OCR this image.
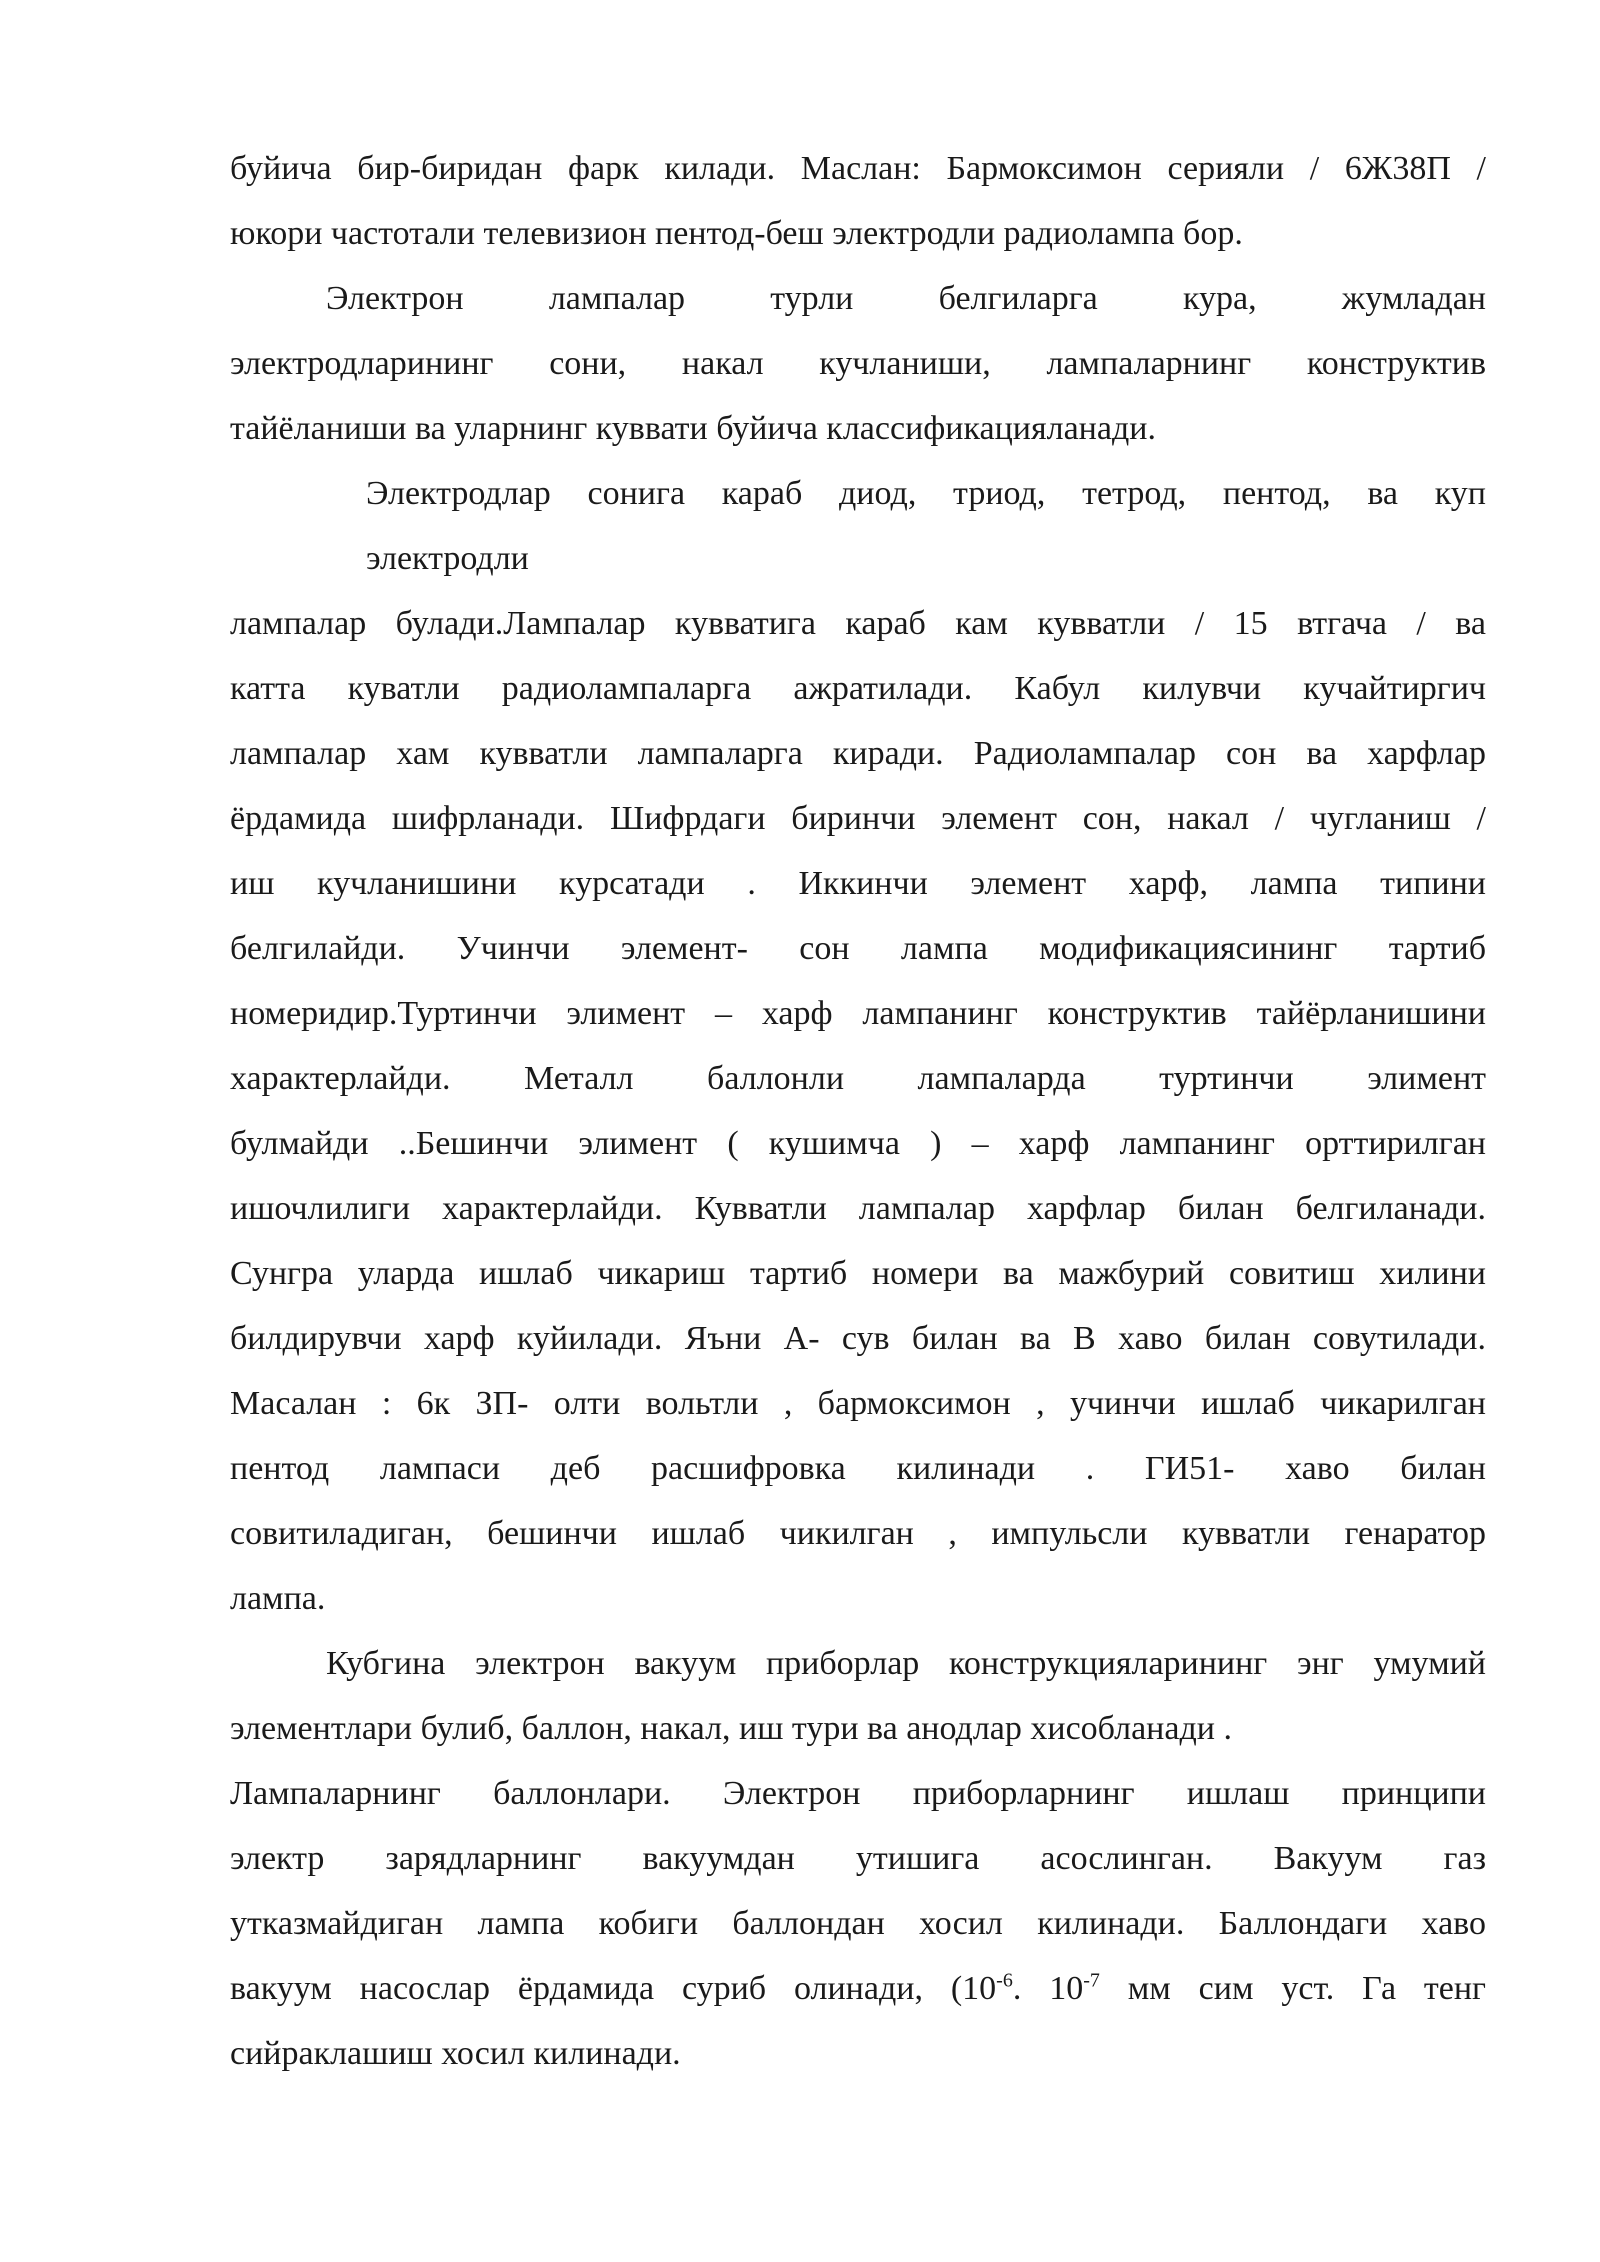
буйича бир-биридан фарк килади. Маслан: Бармоксимон серияли / 6Ж38П /
юкори частотали телевизион пентод-беш электродли радиолампа бор.
Электрон лампалар турли белгиларга кура, жумладан
электродларининг сони, накал кучланиши, лампаларнинг конструктив
тайёланиши ва уларнинг куввати буйича классификацияланади.
Электродлар сонига караб диод, триод, тетрод, пентод, ва куп
электродли
лампалар булади.Лампалар кувватига караб кам кувватли / 15 втгача / ва
катта куватли радиолампаларга ажратилади. Кабул килувчи кучайтиргич
лампалар хам кувватли лампаларга киради. Радиолампалар сон ва харфлар
ёрдамида шифрланади. Шифрдаги биринчи элемент сон, накал / чугланиш /
иш кучланишини курсатади . Иккинчи элемент харф, лампа типини
белгилайди. Учинчи элемент- сон лампа модификациясининг тартиб
номеридир.Туртинчи элимент – харф лампанинг конструктив тайёрланишини
характерлайди. Металл баллонли лампаларда туртинчи элимент
булмайди ..Бешинчи элимент ( кушимча ) – харф лампанинг орттирилган
ишочлилиги характерлайди. Кувватли лампалар харфлар билан белгиланади.
Сунгра уларда ишлаб чикариш тартиб номери ва мажбурий совитиш хилини
билдирувчи харф куйилади. Яъни А- сув билан ва В хаво билан совутилади.
Масалан : 6к ЗП- олти вольтли , бармоксимон , учинчи ишлаб чикарилган
пентод лампаси деб расшифровка килинади . ГИ51- хаво билан
совитиладиган, бешинчи ишлаб чикилган , импульсли кувватли генаратор
лампа.
Кубгина электрон вакуум приборлар конструкцияларининг энг умумий
элементлари булиб, баллон, накал, иш тури ва анодлар хисобланади .
Лампаларнинг баллонлари. Электрон приборларнинг ишлаш принципи
электр зарядларнинг вакуумдан утишига асослинган. Вакуум газ
утказмайдиган лампа кобиги баллондан хосил килинади. Баллондаги хаво
вакуум насослар ёрдамида суриб олинади, ($10^{-6}$. $10^{-7}$ мм сим уст. Га тенг
сийраклашиш хосил килинади.
